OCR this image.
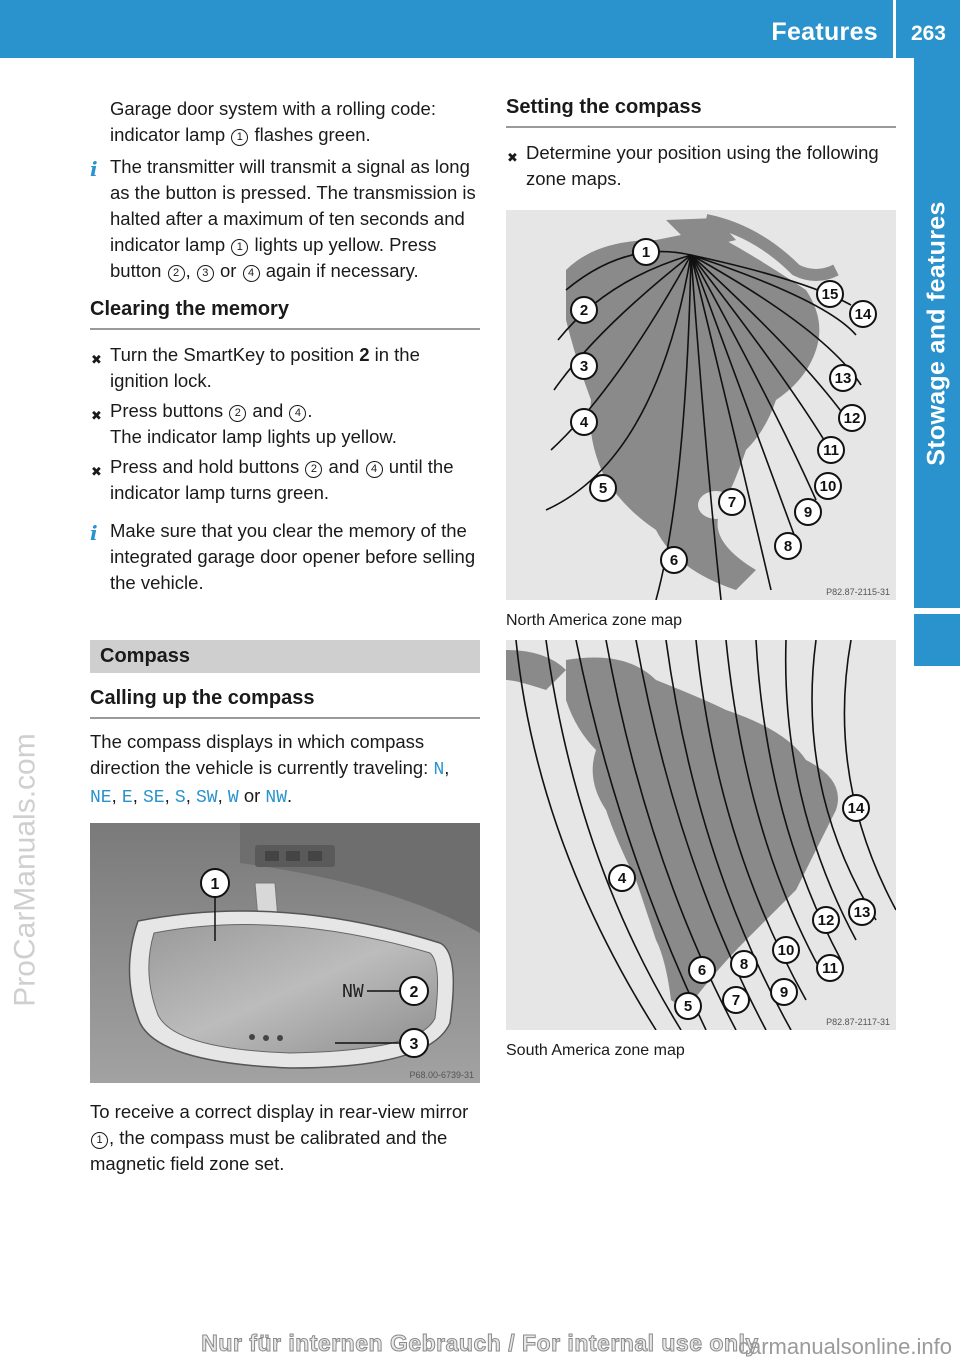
Features 263
Stowage and features
ProCarManuals.com

Garage door system with a rolling code:
indicator lamp 1 flashes green.

i The transmitter will transmit a signal as long as the button is pressed. The transmission is halted after a maximum of ten seconds and indicator lamp 1 lights up yellow. Press button 2 , 3 or 4 again if necessary.
Clearing the memory
✖ Turn the SmartKey to position 2 in the ignition lock.
✖ Press buttons 2 and 4 .
The indicator lamp lights up yellow.
✖ Press and hold buttons 2 and 4 until the indicator lamp turns green.
i Make sure that you clear the memory of the integrated garage door opener before selling the vehicle.
Compass
Calling up the compass

The compass displays in which compass direction the vehicle is currently traveling: N, NE, E, SE, S, SW, W or NW.

NW
1
2
3
P68.00-6739-31

To receive a correct display in rear-view mirror 1 , the compass must be calibrated and the magnetic field zone set.

Setting the compass
✖ Determine your position using the following zone maps.
1
2
3
4
5
6
7
8
9
10
11
12
13
14
15
P82.87-2115-31
North America zone map
4
5
6
7
8
9
10
11
12 13
14
P82.87-2117-31
South America zone map
Nur für internen Gebrauch / For internal use only
carmanualsonline.info
